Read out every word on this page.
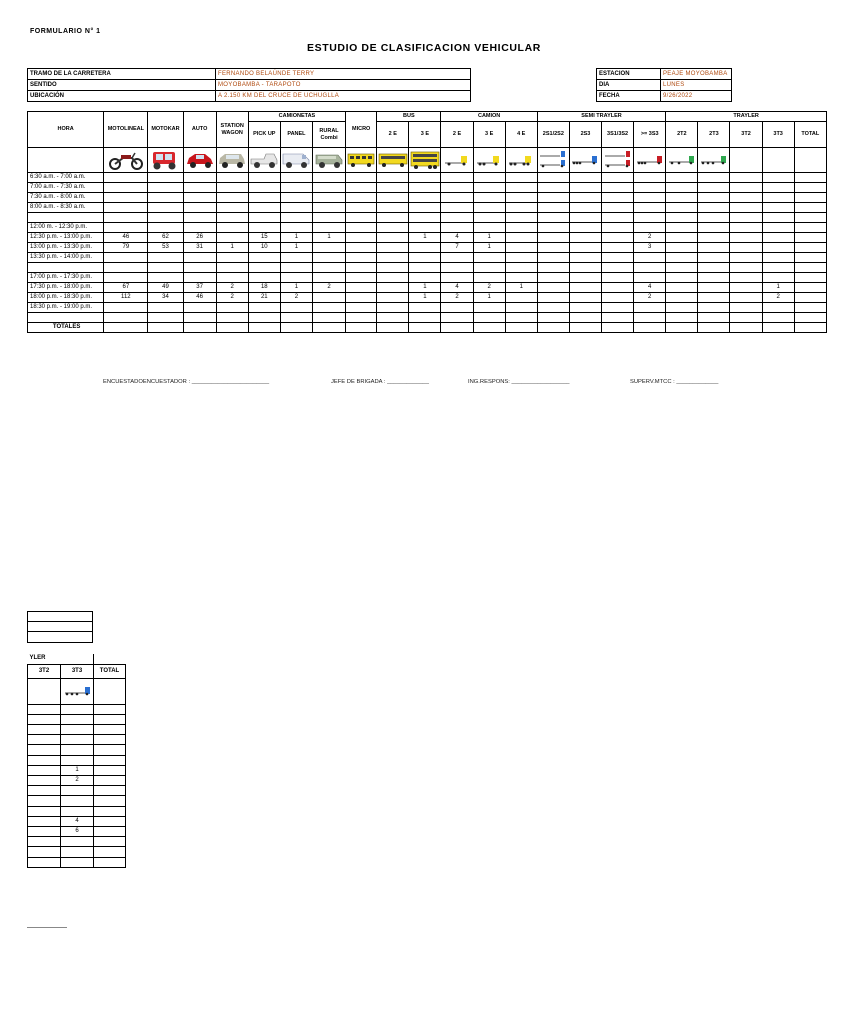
FORMULARIO N° 1
ESTUDIO DE CLASIFICACION VEHICULAR
TRAMO DE LA CARRETERA	FERNANDO BELAÚNDE TERRY
SENTIDO	MOYOBAMBA - TARAPOTO
UBICACIÓN	A 2.150 KM DEL CRUCE DE UCHUGLLA
ESTACION	PEAJE MOYOBAMBA
DIA	LUNES
FECHA	9/26/2022
HORA	MOTOLINEAL	MOTOKAR	AUTO	STATION WAGON	CAMIONETAS			MICRO	BUS		CAMION			SEMI TRAYLER				TRAYLER				
					PICK UP	PANEL	RURAL Combi		2 E	3 E	2 E	3 E	4 E	2S1/2S2	2S3	3S1/3S2	>= 3S3	2T2	2T3	3T2	3T3	TOTAL

6:30 a.m. - 7:00 a.m.																						
7:00 a.m. - 7:30 a.m.																						
7:30 a.m. - 8:00 a.m.																						
8:00 a.m. - 8:30 a.m.																						

12:00 m. - 12:30 p.m.																						
12:30 p.m. - 13:00 p.m.	46	62	26		15	1	1			1	4	1					2					
13:00 p.m. - 13:30 p.m.	79	53	31	1	10	1					7	1					3					
13:30 p.m. - 14:00 p.m.																						

17:00 p.m. - 17:30 p.m.																						
17:30 p.m. - 18:00 p.m.	67	49	37	2	18	1	2			1	4	2	1				4				1	
18:00 p.m. - 18:30 p.m.	112	34	46	2	21	2				1	2	1					2				2	
18:30 p.m. - 19:00 p.m.																						

TOTALES																						
ENCUESTADOENCUESTADOR : ________________________	JEFE DE BRIGADA : _____________	ING.RESPONS: __________________	SUPERV.MTCC : _____________

YLER		
3T2	3T3	TOTAL

	1	
	2	

	4	
	6	
